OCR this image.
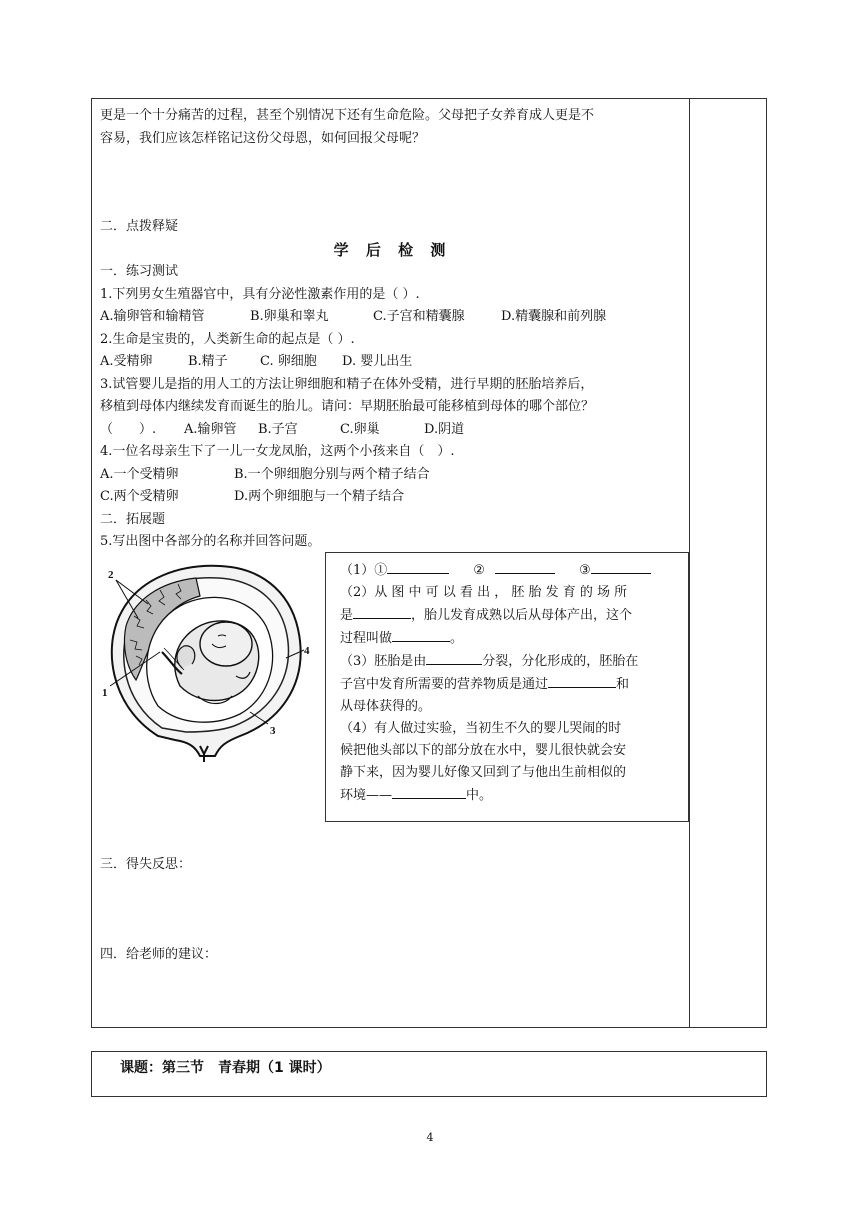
更是一个十分痛苦的过程，甚至个别情况下还有生命危险。父母把子女养育成人更是不
容易，我们应该怎样铭记这份父母恩，如何回报父母呢？
二．点拨释疑
学 后 检 测
一．练习测试
1.下列男女生殖器官中，具有分泌性激素作用的是（ ）.
A.输卵管和输精管	B.卵巢和睾丸	C.子宫和精囊腺	D.精囊腺和前列腺
2.生命是宝贵的，人类新生命的起点是（ ）.
A.受精卵	B.精子 C. 卵细胞 D. 婴儿出生
3.试管婴儿是指的用人工的方法让卵细胞和精子在体外受精，进行早期的胚胎培养后，
移植到母体内继续发育而诞生的胎儿。请问：早期胚胎最可能移植到母体的哪个部位？
（　　）. A.输卵管 B.子宫	C.卵巢	D.阴道
4.一位名母亲生下了一儿一女龙凤胎，这两个小孩来自（　）.
A.一个受精卵	B.一个卵细胞分别与两个精子结合
C.两个受精卵	D.两个卵细胞与一个精子结合
二．拓展题
5.写出图中各部分的名称并回答问题。
2
3
4
1
（1）①	②	③
（2）从 图 中 可 以 看 出 ， 胚 胎 发 育 的 场 所
是	，胎儿发育成熟以后从母体产出，这个
过程叫做	。
（3）胚胎是由	分裂，分化形成的，胚胎在
子宫中发育所需要的营养物质是通过	和
从母体获得的。
（4）有人做过实验，当初生不久的婴儿哭闹的时
候把他头部以下的部分放在水中，婴儿很快就会安
静下来，因为婴儿好像又回到了与他出生前相似的
环境——	中。
三．得失反思：
四．给老师的建议：
课题：第三节　青春期（1 课时）
4
